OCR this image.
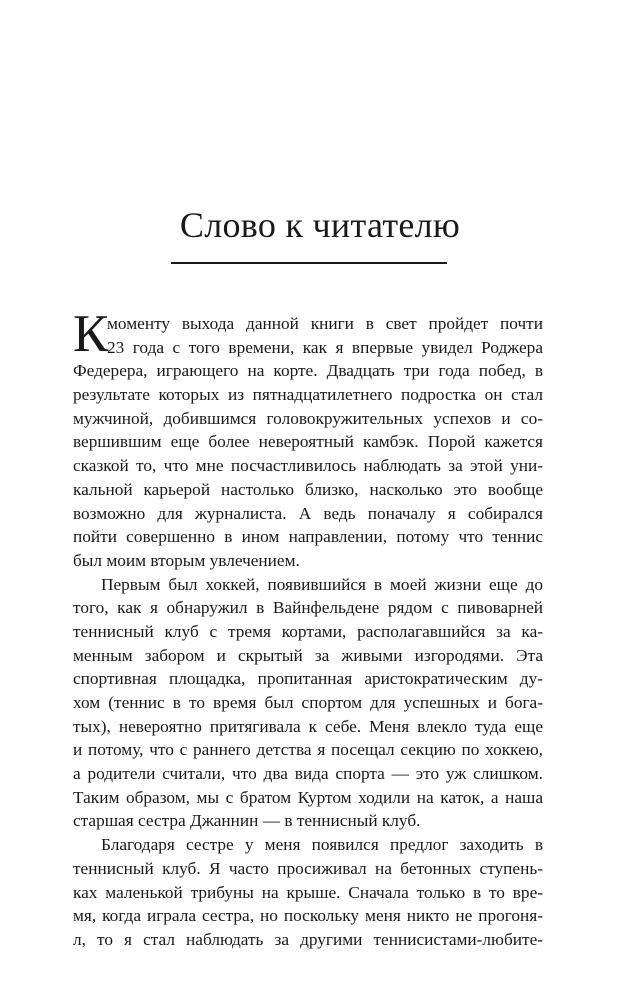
Слово к читателю
К
моменту выхода данной книги в свет пройдет почти
23 года с того времени, как я впервые увидел Роджера
Федерера, играющего на корте. Двадцать три года побед, в
результате которых из пятнадцатилетнего подростка он стал
мужчиной, добившимся головокружительных успехов и со-
вершившим еще более невероятный камбэк. Порой кажется
сказкой то, что мне посчастливилось наблюдать за этой уни-
кальной карьерой настолько близко, насколько это вообще
возможно для журналиста. А ведь поначалу я собирался
пойти совершенно в ином направлении, потому что теннис
был моим вторым увлечением.
Первым был хоккей, появившийся в моей жизни еще до
того, как я обнаружил в Вайнфельдене рядом с пивоварней
теннисный клуб с тремя кортами, располагавшийся за ка-
менным забором и скрытый за живыми изгородями. Эта
спортивная площадка, пропитанная аристократическим ду-
хом (теннис в то время был спортом для успешных и бога-
тых), невероятно притягивала к себе. Меня влекло туда еще
и потому, что с раннего детства я посещал секцию по хоккею,
а родители считали, что два вида спорта — это уж слишком.
Таким образом, мы с братом Куртом ходили на каток, а наша
старшая сестра Джаннин — в теннисный клуб.
Благодаря сестре у меня появился предлог заходить в
теннисный клуб. Я часто просиживал на бетонных ступень-
ках маленькой трибуны на крыше. Сначала только в то вре-
мя, когда играла сестра, но поскольку меня никто не прогоня-
л, то я стал наблюдать за другими теннисистами-любите-
